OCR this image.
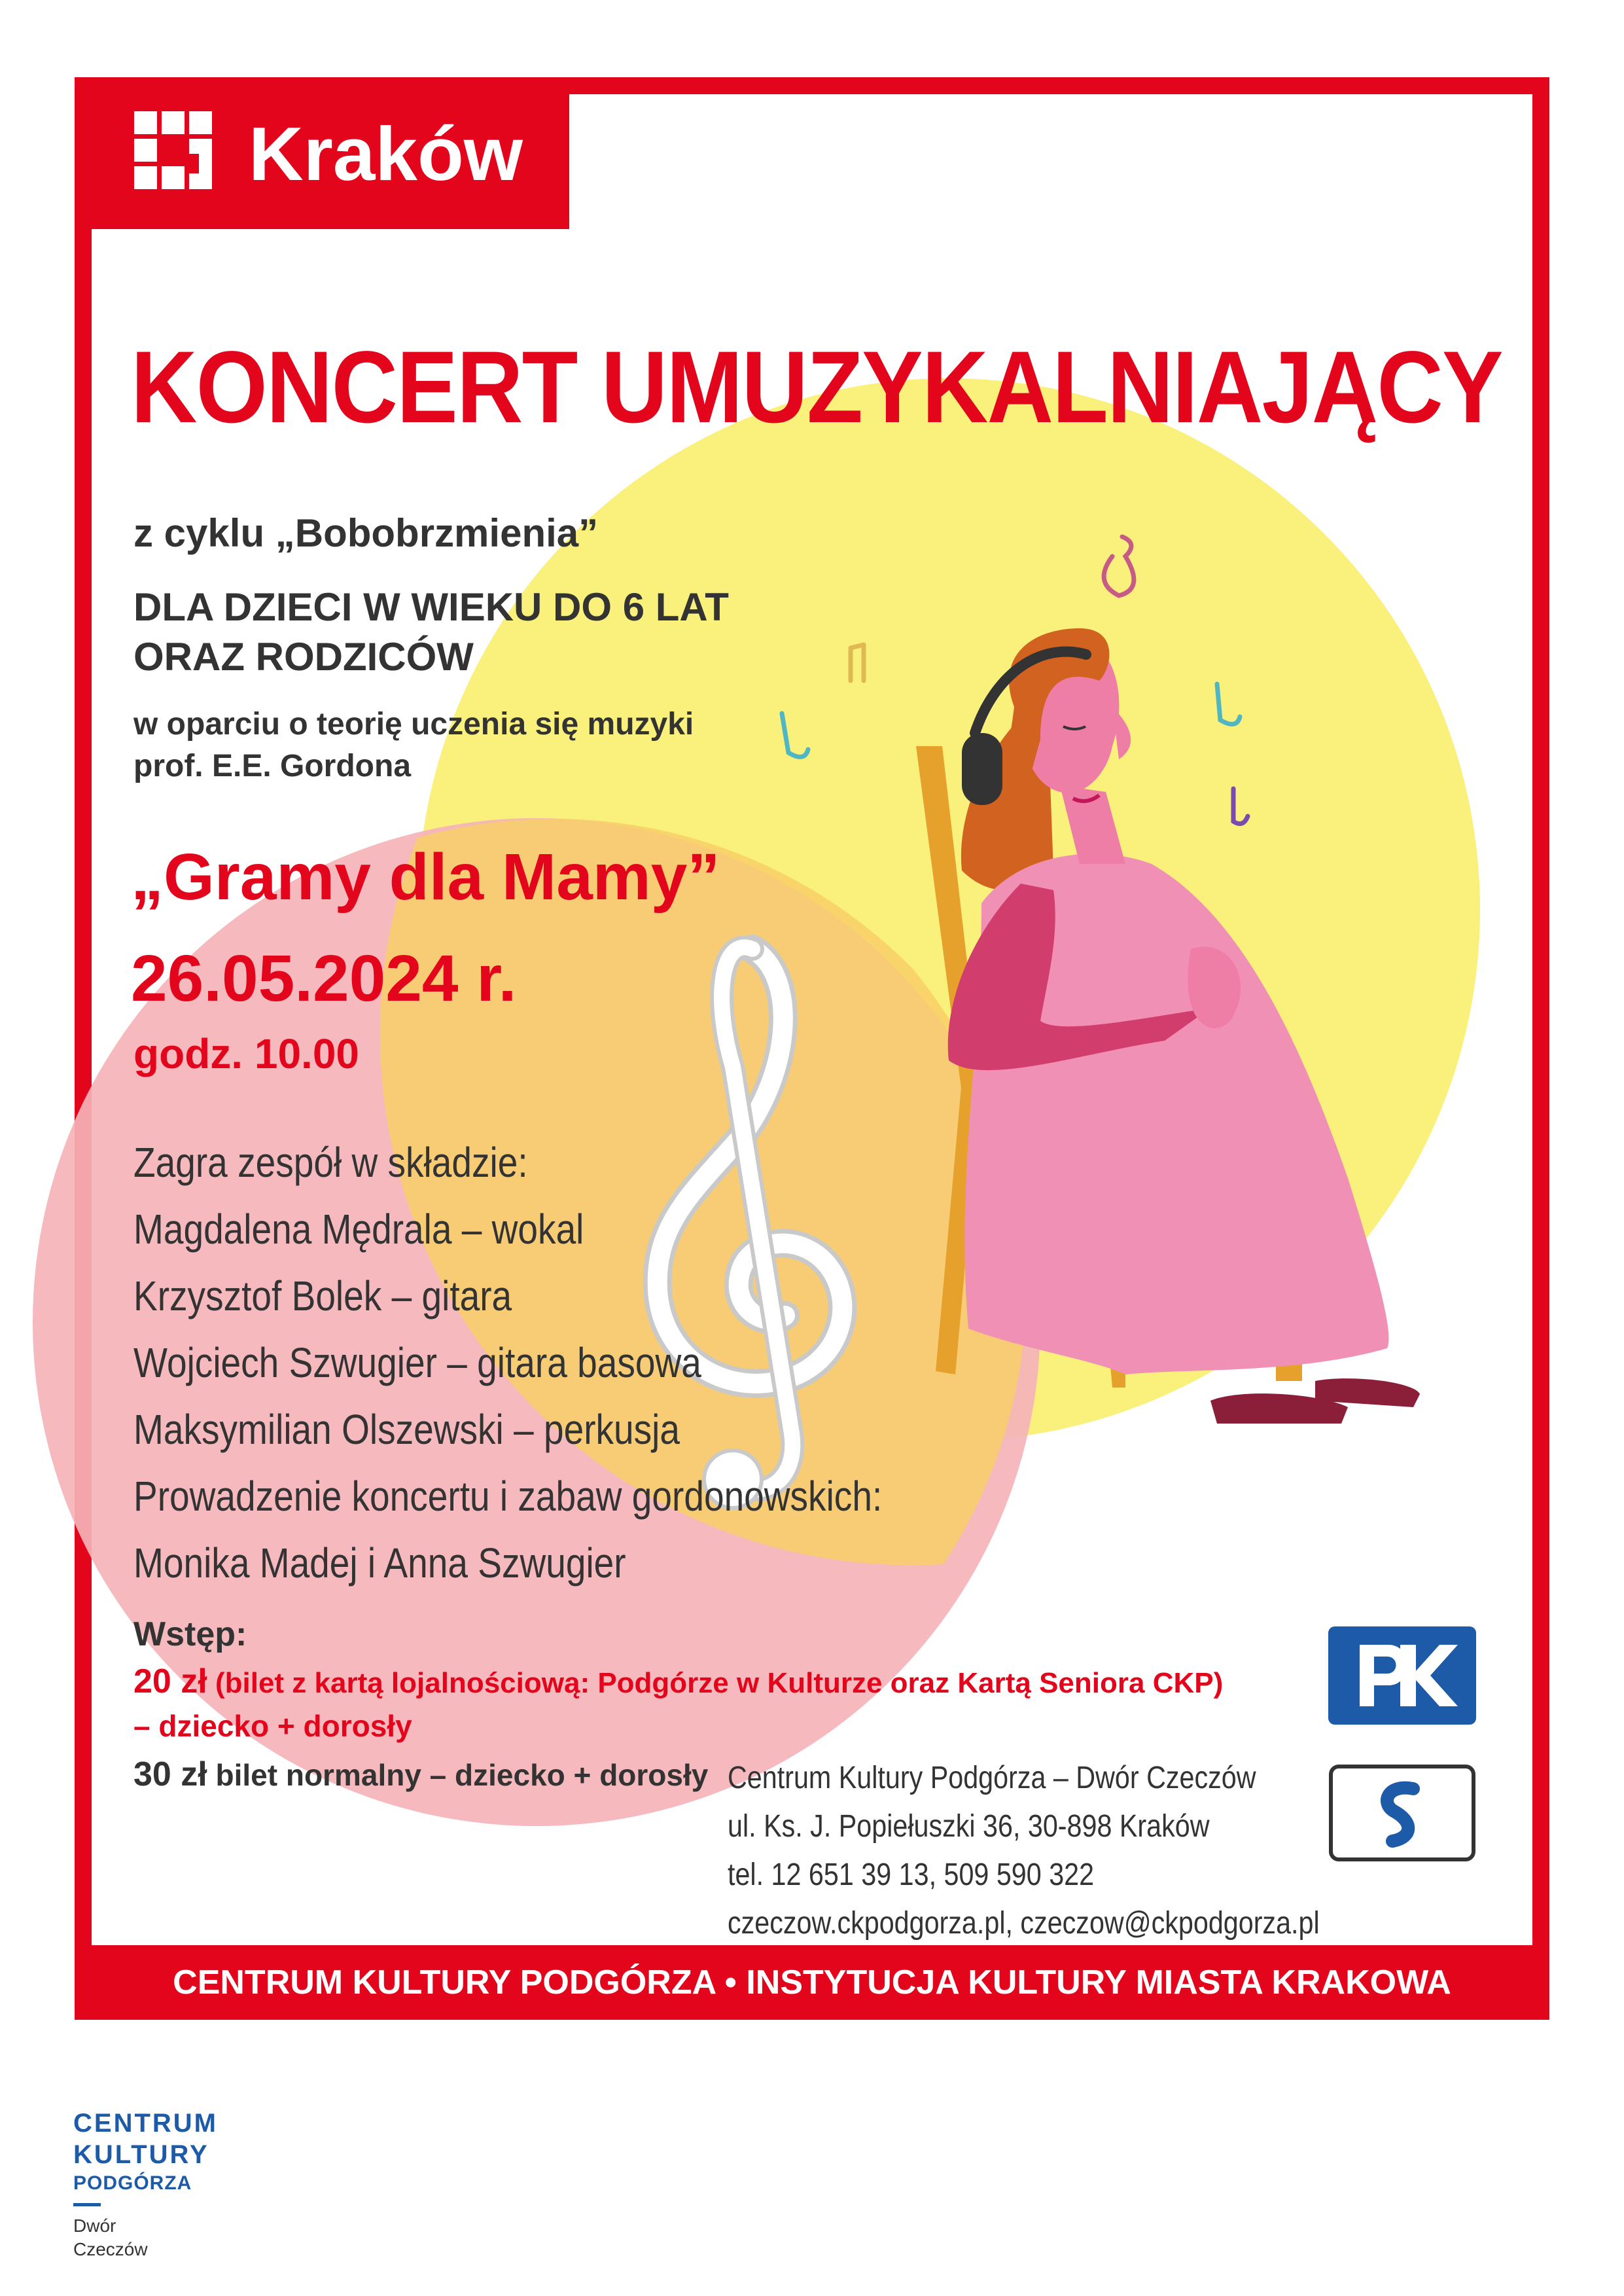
Kraków
KONCERT UMUZYKALNIAJĄCY
z cyklu „Bobobrzmienia”
DLA DZIECI W WIEKU DO 6 LAT
ORAZ RODZICÓW
w oparciu o teorię uczenia się muzyki
prof. E.E. Gordona
„Gramy dla Mamy”
26.05.2024 r.
godz. 10.00
Zagra zespół w składzie:
Magdalena Mędrala – wokal
Krzysztof Bolek – gitara
Wojciech Szwugier – gitara basowa
Maksymilian Olszewski – perkusja
Prowadzenie koncertu i zabaw gordonowskich:
Monika Madej i Anna Szwugier
Wstęp:
20 zł (bilet z kartą lojalnościową: Podgórze w Kulturze oraz Kartą Seniora CKP)
– dziecko + dorosły
30 zł bilet normalny – dziecko + dorosły Centrum Kultury Podgórza – Dwór Czeczów
ul. Ks. J. Popiełuszki 36, 30-898 Kraków
tel. 12 651 39 13, 509 590 322
czeczow.ckpodgorza.pl, czeczow@ckpodgorza.pl
CENTRUM KULTURY PODGÓRZA • INSTYTUCJA KULTURY MIASTA KRAKOWA
CENTRUM
KULTURY
PODGÓRZA
Dwór
Czeczów
